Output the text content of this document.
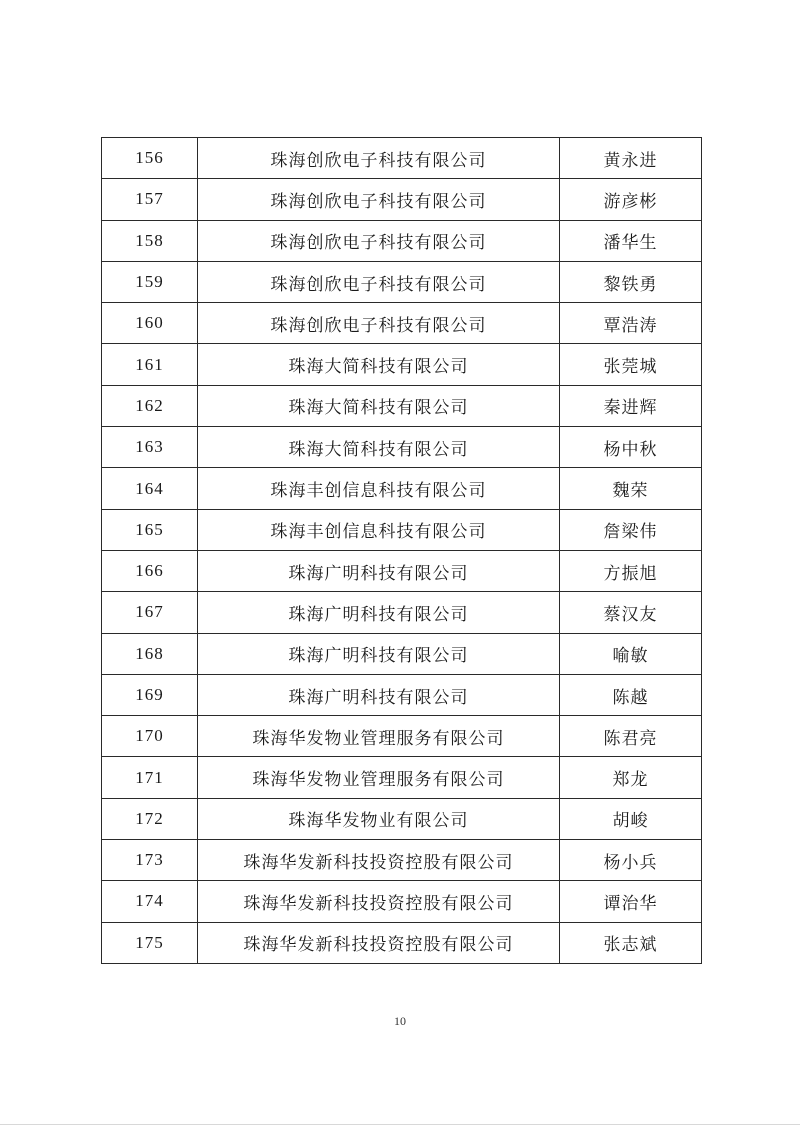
156	珠海创欣电子科技有限公司	黄永进
157	珠海创欣电子科技有限公司	游彦彬
158	珠海创欣电子科技有限公司	潘华生
159	珠海创欣电子科技有限公司	黎铁勇
160	珠海创欣电子科技有限公司	覃浩涛
161	珠海大简科技有限公司	张莞城
162	珠海大简科技有限公司	秦进辉
163	珠海大简科技有限公司	杨中秋
164	珠海丰创信息科技有限公司	魏荣
165	珠海丰创信息科技有限公司	詹梁伟
166	珠海广明科技有限公司	方振旭
167	珠海广明科技有限公司	蔡汉友
168	珠海广明科技有限公司	喻敏
169	珠海广明科技有限公司	陈越
170	珠海华发物业管理服务有限公司	陈君亮
171	珠海华发物业管理服务有限公司	郑龙
172	珠海华发物业有限公司	胡峻
173	珠海华发新科技投资控股有限公司	杨小兵
174	珠海华发新科技投资控股有限公司	谭治华
175	珠海华发新科技投资控股有限公司	张志斌
10
